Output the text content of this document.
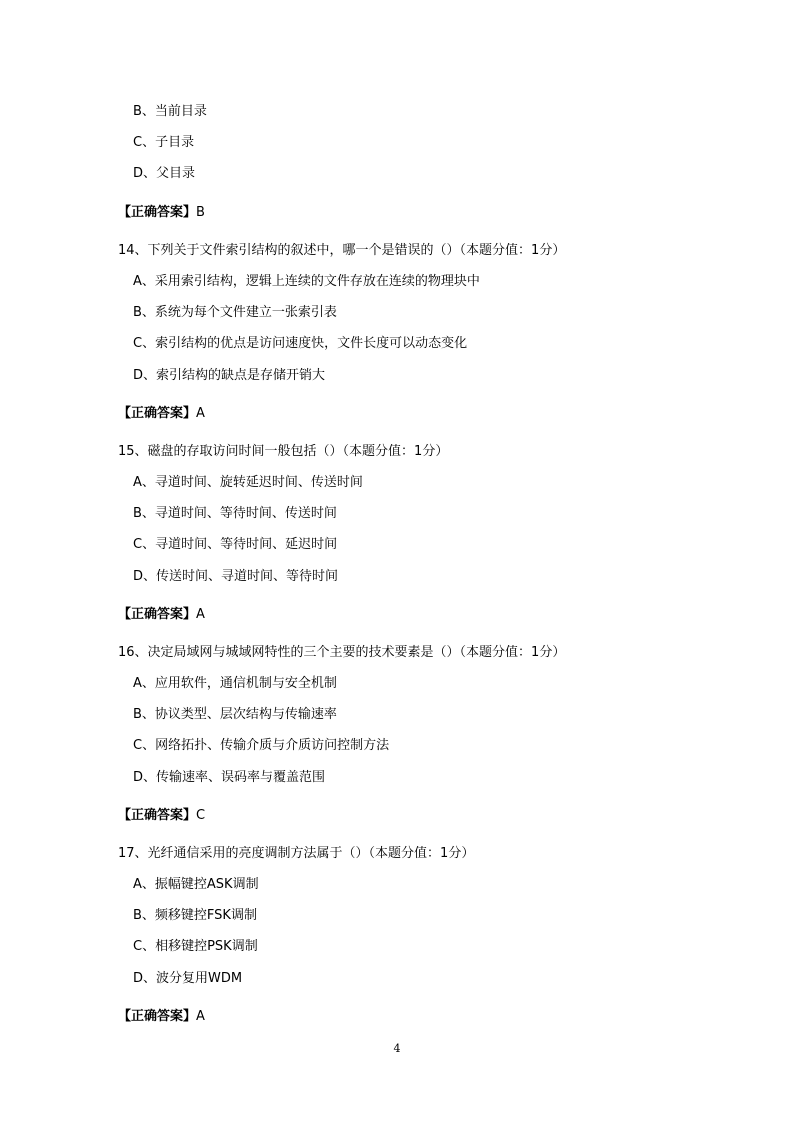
B、当前目录
C、子目录
D、父目录
【正确答案】B
14、下列关于文件索引结构的叙述中，哪一个是错误的（）（本题分值：1分）
A、采用索引结构，逻辑上连续的文件存放在连续的物理块中
B、系统为每个文件建立一张索引表
C、索引结构的优点是访问速度快，文件长度可以动态变化
D、索引结构的缺点是存储开销大
【正确答案】A
15、磁盘的存取访问时间一般包括（）（本题分值：1分）
A、寻道时间、旋转延迟时间、传送时间
B、寻道时间、等待时间、传送时间
C、寻道时间、等待时间、延迟时间
D、传送时间、寻道时间、等待时间
【正确答案】A
16、决定局域网与城域网特性的三个主要的技术要素是（）（本题分值：1分）
A、应用软件，通信机制与安全机制
B、协议类型、层次结构与传输速率
C、网络拓扑、传输介质与介质访问控制方法
D、传输速率、误码率与覆盖范围
【正确答案】C
17、光纤通信采用的亮度调制方法属于（）（本题分值：1分）
A、振幅键控ASK调制
B、频移键控FSK调制
C、相移键控PSK调制
D、波分复用WDM
【正确答案】A
4
